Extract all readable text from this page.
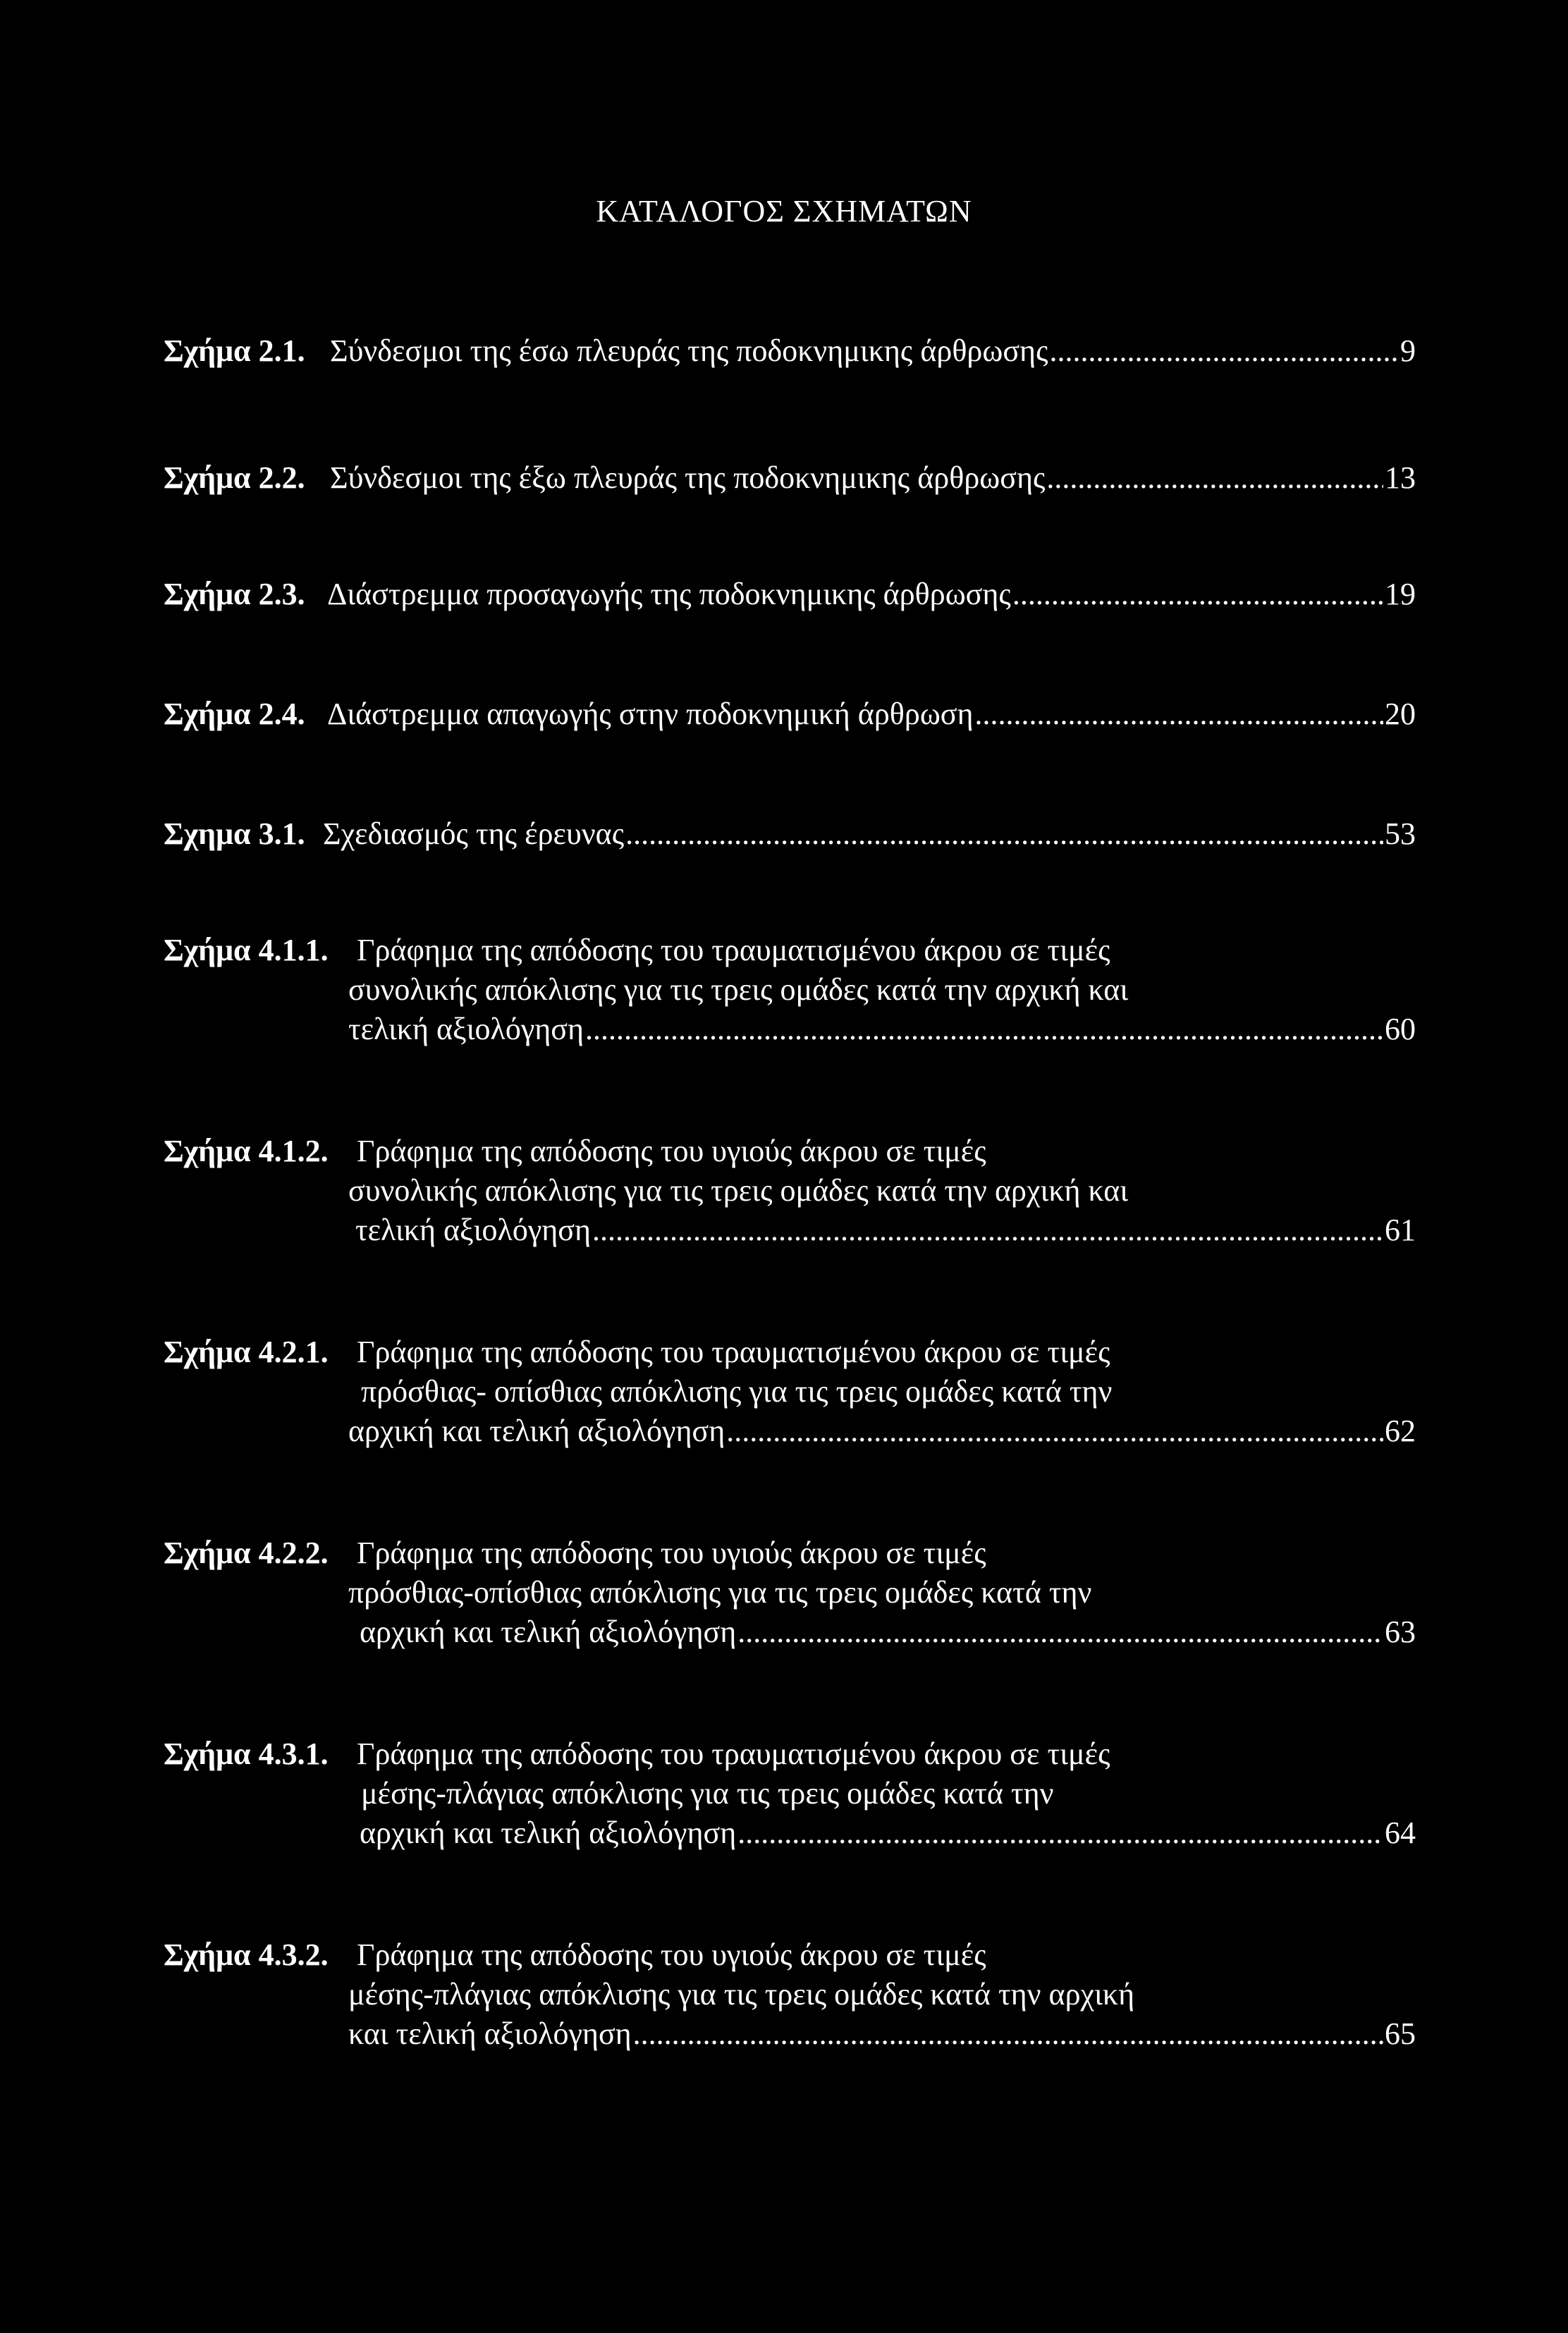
ΚΑΤΑΛΟΓΟΣ ΣΧΗΜΑΤΩΝ
Σχήμα 2.1. Σύνδεσμοι της έσω πλευράς της ποδοκνημικης άρθρωσης .....	9
Σχήμα 2.2. Σύνδεσμοι της έξω πλευράς της ποδοκνημικης άρθρωσης .....	13
Σχήμα 2.3. Διάστρεμμα προσαγωγής της ποδοκνημικης άρθρωσης .....	19
Σχήμα 2.4. Διάστρεμμα απαγωγής στην ποδοκνημική άρθρωση .....	20
Σχημα 3.1. Σχεδιασμός της έρευνας .....	53
Σχήμα 4.1.1. Γράφημα της απόδοσης του τραυματισμένου άκρου σε τιμές
συνολικής απόκλισης για τις τρεις ομάδες κατά την αρχική και
τελική αξιολόγηση .....	60
Σχήμα 4.1.2. Γράφημα της απόδοσης του υγιούς άκρου σε τιμές
συνολικής απόκλισης για τις τρεις ομάδες κατά την αρχική και
τελική αξιολόγηση .....	61
Σχήμα 4.2.1. Γράφημα της απόδοσης του τραυματισμένου άκρου σε τιμές
πρόσθιας- οπίσθιας απόκλισης για τις τρεις ομάδες κατά την
αρχική και τελική αξιολόγηση .....	62
Σχήμα 4.2.2. Γράφημα της απόδοσης του υγιούς άκρου σε τιμές
πρόσθιας-οπίσθιας απόκλισης για τις τρεις ομάδες κατά την
αρχική και τελική αξιολόγηση .....	63
Σχήμα 4.3.1. Γράφημα της απόδοσης του τραυματισμένου άκρου σε τιμές
μέσης-πλάγιας απόκλισης για τις τρεις ομάδες κατά την
αρχική και τελική αξιολόγηση .....	64
Σχήμα 4.3.2. Γράφημα της απόδοσης του υγιούς άκρου σε τιμές
μέσης-πλάγιας απόκλισης για τις τρεις ομάδες κατά την αρχική
και τελική αξιολόγηση .....	65
